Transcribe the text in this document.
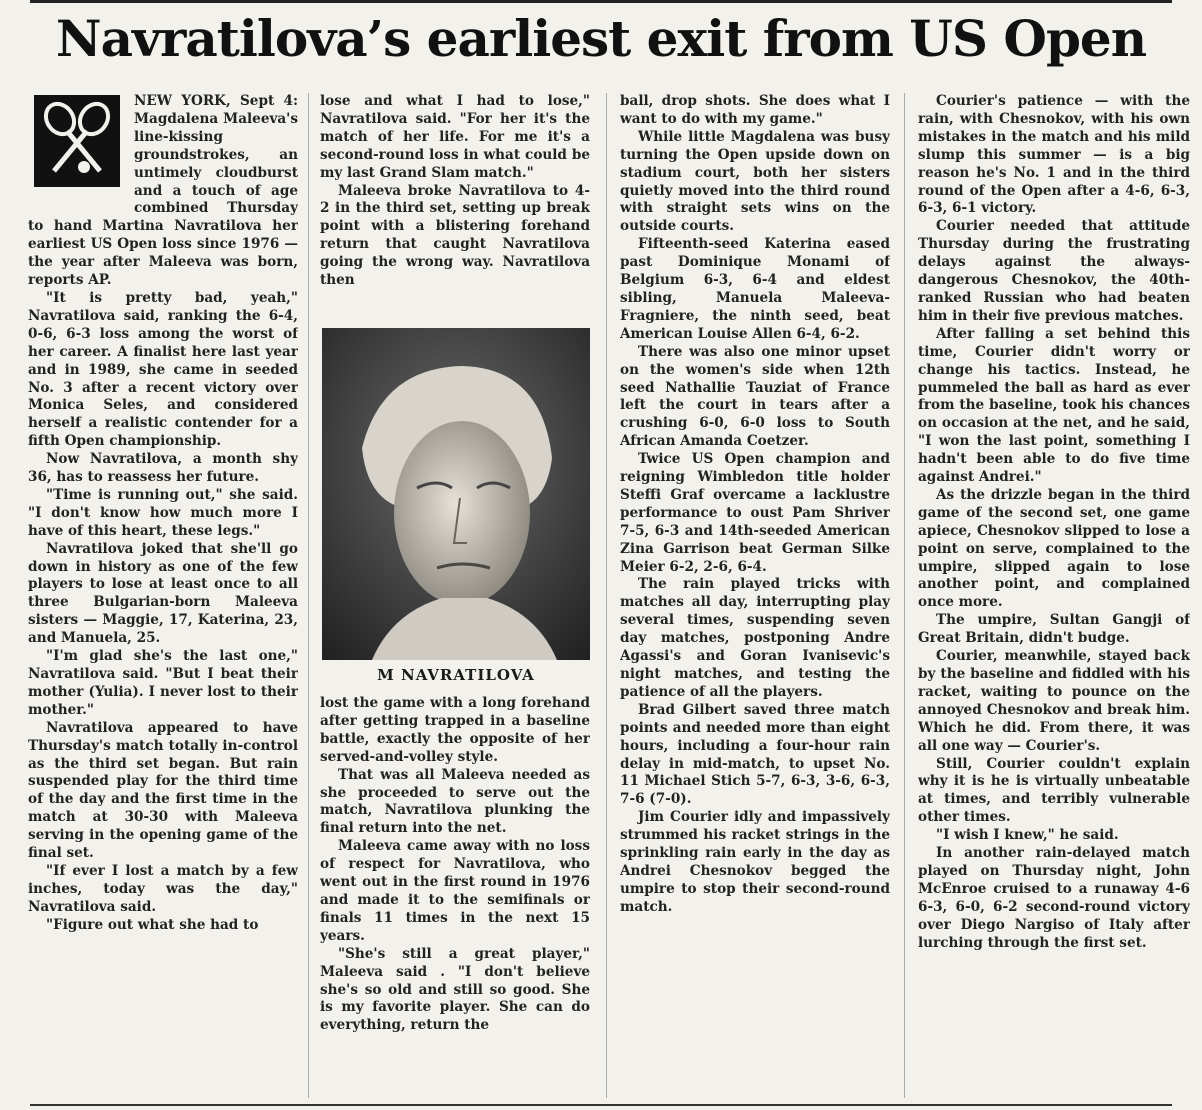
Navratilova’s earliest exit from US Open

NEW YORK, Sept 4: Magdalena Maleeva's line-kissing groundstrokes, an untimely cloudburst and a touch of age combined Thursday to hand Martina Navratilova her earliest US Open loss since 1976 — the year after Maleeva was born, reports AP.

"It is pretty bad, yeah," Navratilova said, ranking the 6-4, 0-6, 6-3 loss among the worst of her career. A finalist here last year and in 1989, she came in seeded No. 3 after a recent victory over Monica Seles, and considered herself a realistic contender for a fifth Open championship.

Now Navratilova, a month shy 36, has to reassess her future.

"Time is running out," she said. "I don't know how much more I have of this heart, these legs."

Navratilova joked that she'll go down in history as one of the few players to lose at least once to all three Bulgarian-born Maleeva sisters — Maggie, 17, Katerina, 23, and Manuela, 25.

"I'm glad she's the last one," Navratilova said. "But I beat their mother (Yulia). I never lost to their mother."

Navratilova appeared to have Thursday's match totally in-control as the third set began. But rain suspended play for the third time of the day and the first time in the match at 30-30 with Maleeva serving in the opening game of the final set.

"If ever I lost a match by a few inches, today was the day," Navratilova said.

"Figure out what she had to

lose and what I had to lose," Navratilova said. "For her it's the match of her life. For me it's a second-round loss in what could be my last Grand Slam match."

Maleeva broke Navratilova to 4-2 in the third set, setting up break point with a blistering forehand return that caught Navratilova going the wrong way. Navratilova then

M NAVRATILOVA

lost the game with a long forehand after getting trapped in a baseline battle, exactly the opposite of her served-and-volley style.

That was all Maleeva needed as she proceeded to serve out the match, Navratilova plunking the final return into the net.

Maleeva came away with no loss of respect for Navratilova, who went out in the first round in 1976 and made it to the semifinals or finals 11 times in the next 15 years.

"She's still a great player," Maleeva said . "I don't believe she's so old and still so good. She is my favorite player. She can do everything, return the

ball, drop shots. She does what I want to do with my game."

While little Magdalena was busy turning the Open upside down on stadium court, both her sisters quietly moved into the third round with straight sets wins on the outside courts.

Fifteenth-seed Katerina eased past Dominique Monami of Belgium 6-3, 6-4 and eldest sibling, Manuela Maleeva-Fragniere, the ninth seed, beat American Louise Allen 6-4, 6-2.

There was also one minor upset on the women's side when 12th seed Nathallie Tauziat of France left the court in tears after a crushing 6-0, 6-0 loss to South African Amanda Coetzer.

Twice US Open champion and reigning Wimbledon title holder Steffi Graf overcame a lacklustre performance to oust Pam Shriver 7-5, 6-3 and 14th-seeded American Zina Garrison beat German Silke Meier 6-2, 2-6, 6-4.

The rain played tricks with matches all day, interrupting play several times, suspending seven day matches, postponing Andre Agassi's and Goran Ivanisevic's night matches, and testing the patience of all the players.

Brad Gilbert saved three match points and needed more than eight hours, including a four-hour rain delay in mid-match, to upset No. 11 Michael Stich 5-7, 6-3, 3-6, 6-3, 7-6 (7-0).

Jim Courier idly and impassively strummed his racket strings in the sprinkling rain early in the day as Andrei Chesnokov begged the umpire to stop their second-round match.

Courier's patience — with the rain, with Chesnokov, with his own mistakes in the match and his mild slump this summer — is a big reason he's No. 1 and in the third round of the Open after a 4-6, 6-3, 6-3, 6-1 victory.

Courier needed that attitude Thursday during the frustrating delays against the always-dangerous Chesnokov, the 40th-ranked Russian who had beaten him in their five previous matches.

After falling a set behind this time, Courier didn't worry or change his tactics. Instead, he pummeled the ball as hard as ever from the baseline, took his chances on occasion at the net, and he said, "I won the last point, something I hadn't been able to do five time against Andrei."

As the drizzle began in the third game of the second set, one game apiece, Chesnokov slipped to lose a point on serve, complained to the umpire, slipped again to lose another point, and complained once more.

The umpire, Sultan Gangji of Great Britain, didn't budge.

Courier, meanwhile, stayed back by the baseline and fiddled with his racket, waiting to pounce on the annoyed Chesnokov and break him. Which he did. From there, it was all one way — Courier's.

Still, Courier couldn't explain why it is he is virtually unbeatable at times, and terribly vulnerable other times.

"I wish I knew," he said.

In another rain-delayed match played on Thursday night, John McEnroe cruised to a runaway 4-6 6-3, 6-0, 6-2 second-round victory over Diego Nargiso of Italy after lurching through the first set.
